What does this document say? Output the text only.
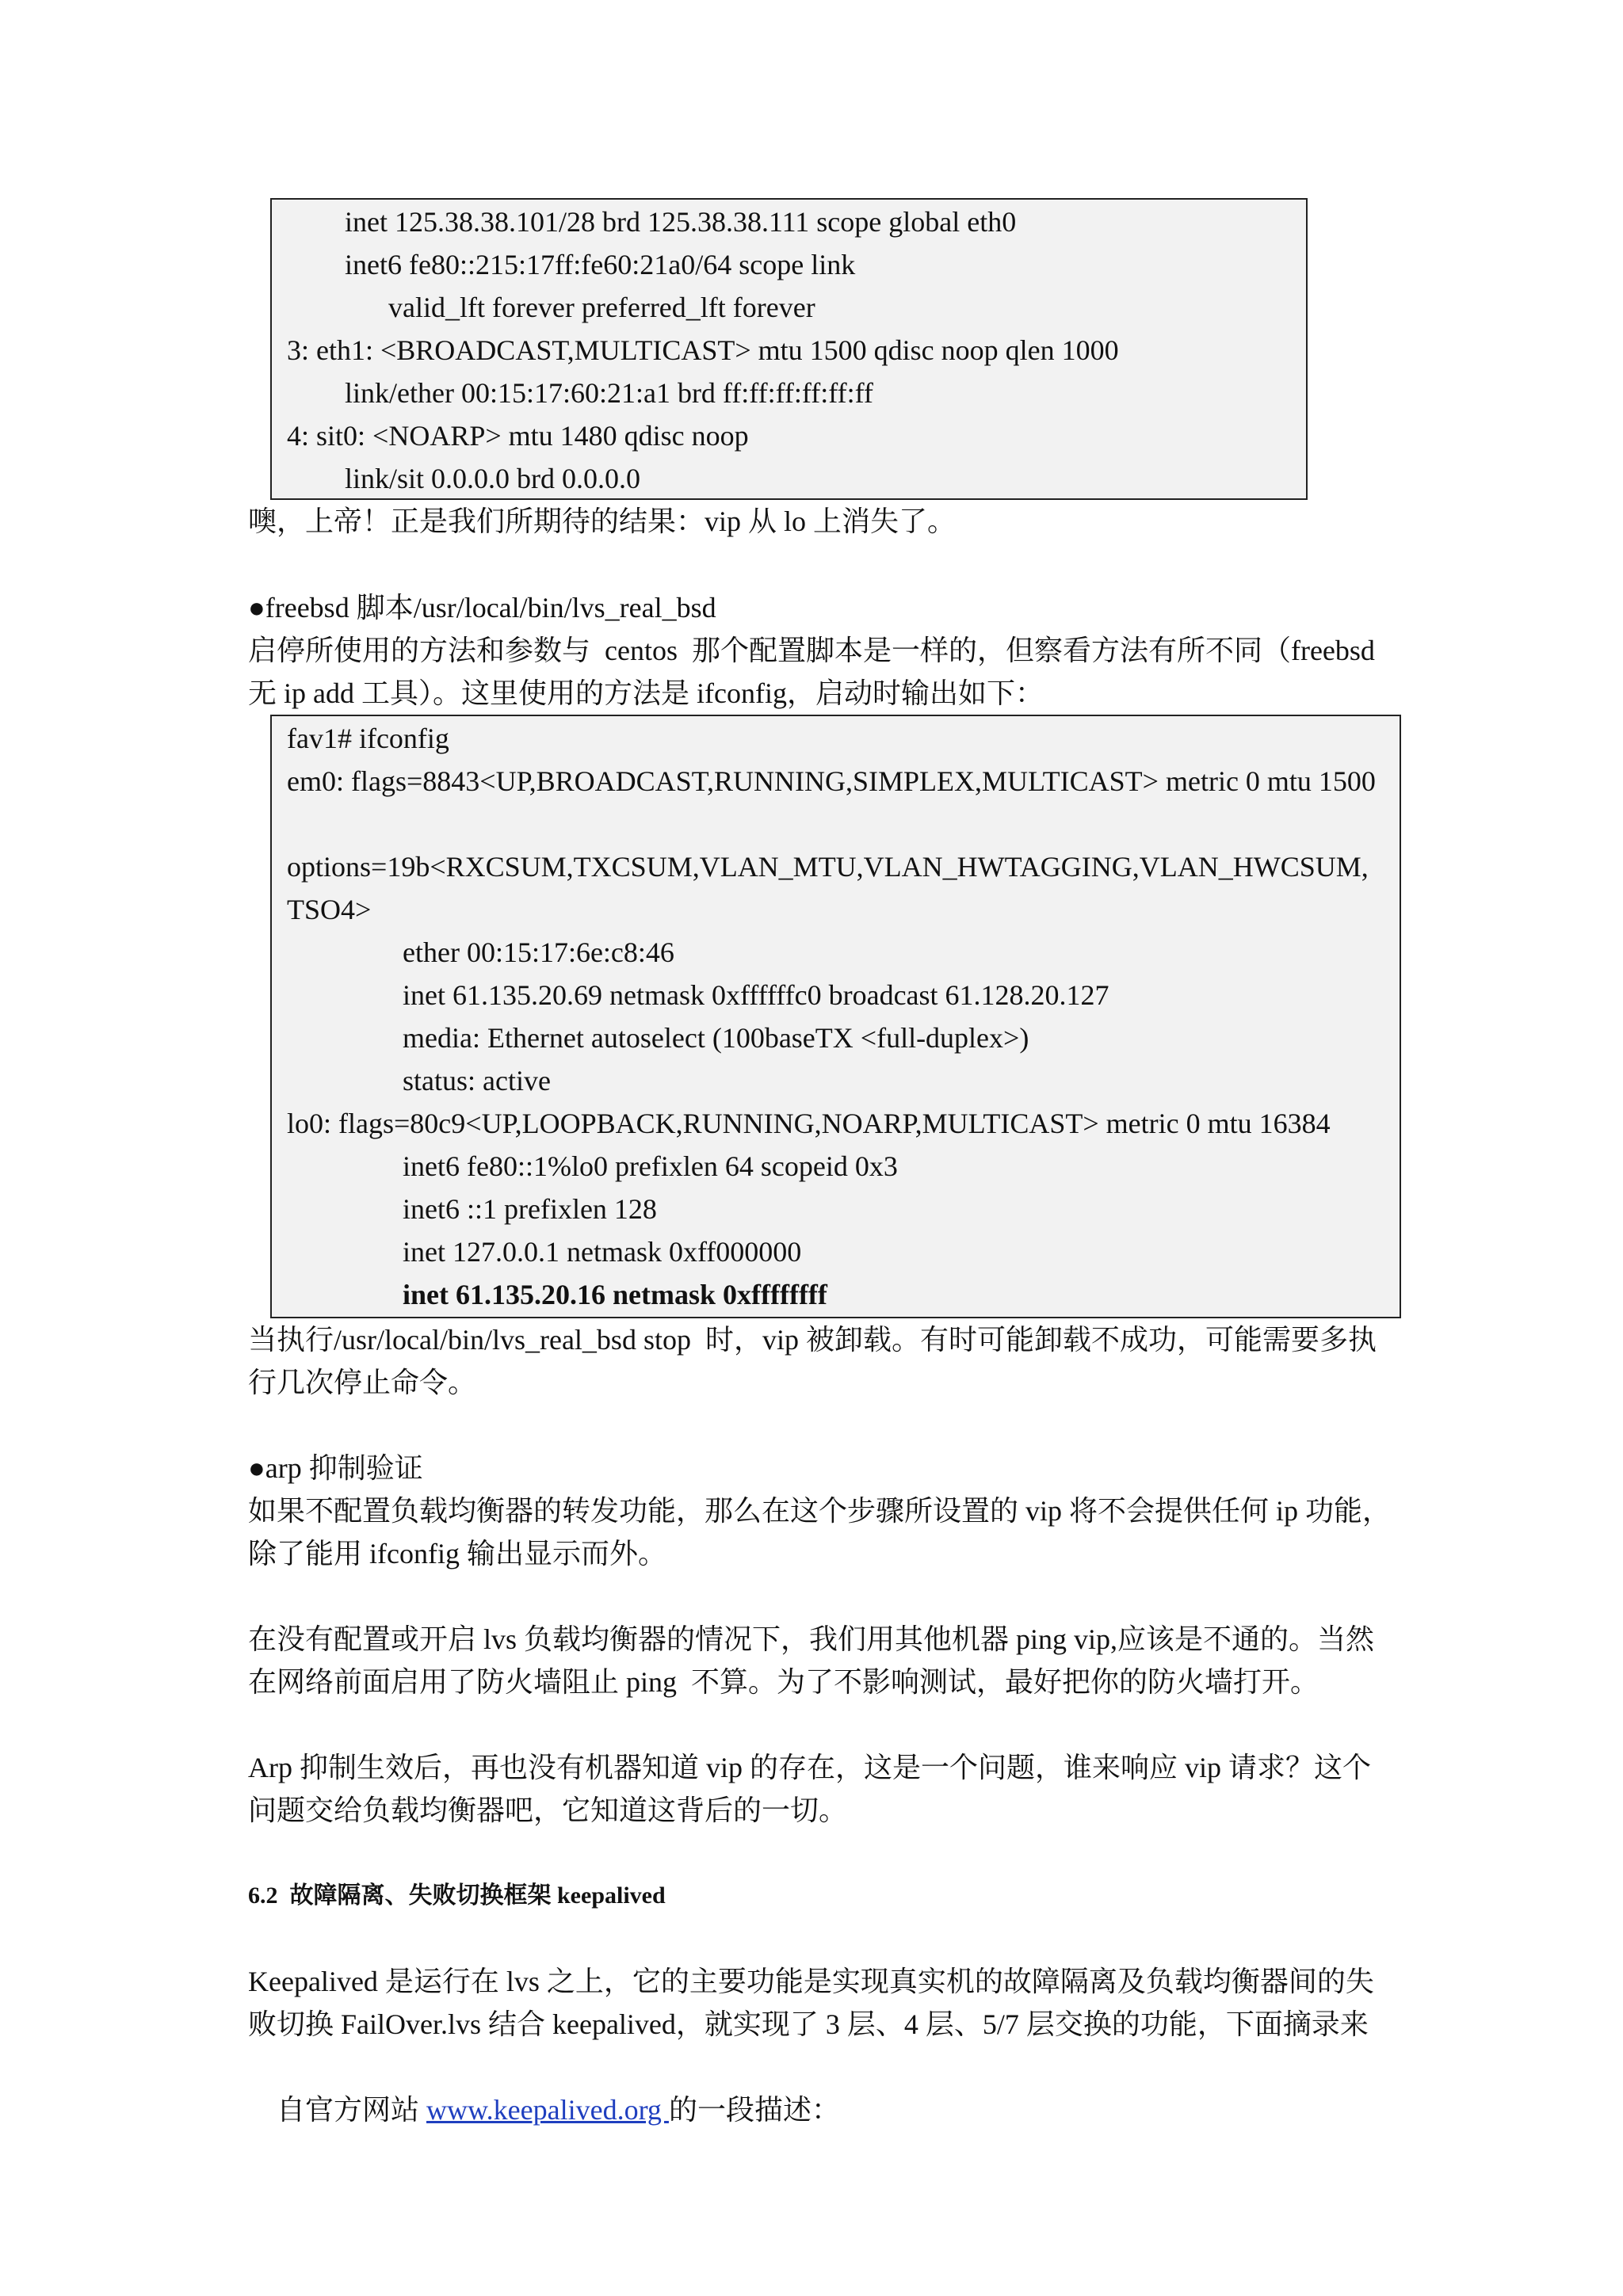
inet 125.38.38.101/28 brd 125.38.38.111 scope global eth0
inet6 fe80::215:17ff:fe60:21a0/64 scope link
valid_lft forever preferred_lft forever
3: eth1: <BROADCAST,MULTICAST> mtu 1500 qdisc noop qlen 1000
link/ether 00:15:17:60:21:a1 brd ff:ff:ff:ff:ff:ff
4: sit0: <NOARP> mtu 1480 qdisc noop
link/sit 0.0.0.0 brd 0.0.0.0
噢，上帝！正是我们所期待的结果：vip 从 lo 上消失了。
●freebsd 脚本/usr/local/bin/lvs_real_bsd
启停所使用的方法和参数与  centos  那个配置脚本是一样的，但察看方法有所不同（freebsd
无 ip add 工具）。这里使用的方法是 ifconfig，启动时输出如下：
fav1# ifconfig
em0: flags=8843<UP,BROADCAST,RUNNING,SIMPLEX,MULTICAST> metric 0 mtu 1500
options=19b<RXCSUM,TXCSUM,VLAN_MTU,VLAN_HWTAGGING,VLAN_HWCSUM,
TSO4>
ether 00:15:17:6e:c8:46
inet 61.135.20.69 netmask 0xffffffc0 broadcast 61.128.20.127
media: Ethernet autoselect (100baseTX <full-duplex>)
status: active
lo0: flags=80c9<UP,LOOPBACK,RUNNING,NOARP,MULTICAST> metric 0 mtu 16384
inet6 fe80::1%lo0 prefixlen 64 scopeid 0x3
inet6 ::1 prefixlen 128
inet 127.0.0.1 netmask 0xff000000
inet 61.135.20.16 netmask 0xffffffff
当执行/usr/local/bin/lvs_real_bsd stop  时，vip 被卸载。有时可能卸载不成功，可能需要多执
行几次停止命令。
●arp 抑制验证
如果不配置负载均衡器的转发功能，那么在这个步骤所设置的 vip 将不会提供任何 ip 功能，
除了能用 ifconfig 输出显示而外。
在没有配置或开启 lvs 负载均衡器的情况下，我们用其他机器 ping vip,应该是不通的。当然
在网络前面启用了防火墙阻止 ping  不算。为了不影响测试，最好把你的防火墙打开。
Arp 抑制生效后，再也没有机器知道 vip 的存在，这是一个问题，谁来响应 vip 请求？这个
问题交给负载均衡器吧，它知道这背后的一切。
6.2  故障隔离、失败切换框架 keepalived
Keepalived 是运行在 lvs 之上，它的主要功能是实现真实机的故障隔离及负载均衡器间的失
败切换 FailOver.lvs 结合 keepalived，就实现了 3 层、4 层、5/7 层交换的功能，下面摘录来

自官方网站 www.keepalived.org 的一段描述：
